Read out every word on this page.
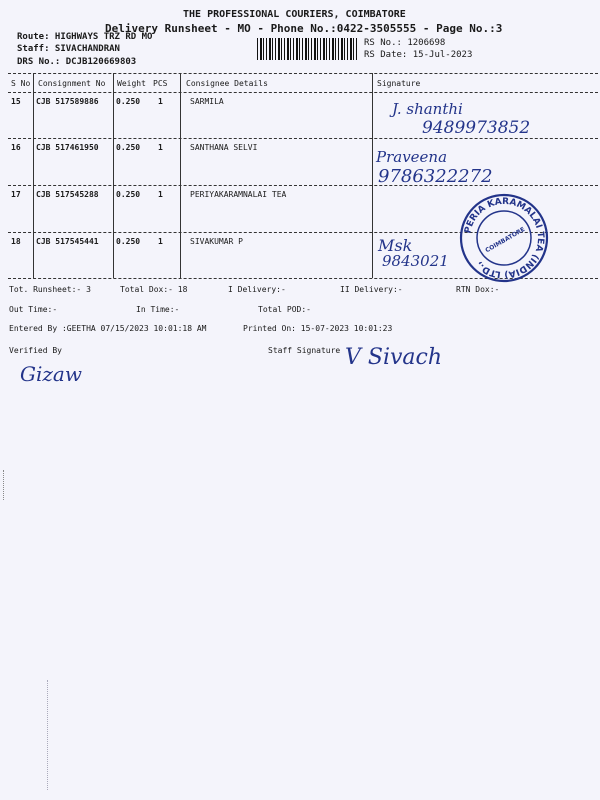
THE PROFESSIONAL COURIERS, COIMBATORE
Delivery Runsheet - MO - Phone No.:0422-3505555 - Page No.:3
Route: HIGHWAYS TRZ RD MO
Staff: SIVACHANDRAN
DRS No.: DCJB120669803
RS No.: 1206698
RS Date: 15-Jul-2023
S No Consignment No Weight PCS Consignee Details	Signature
15 CJB 517589886 0.250 1	SARMILA	J. shanthi
9489973852
16 CJB 517461950 0.250 1	SANTHANA SELVI
Praveena
9786322272
17 CJB 517545288 0.250 1	PERIYAKARAMNALAI TEA
18 CJB 517545441 0.250 1	SIVAKUMAR P	Msk
9843021
PERIA KARAMALAI TEA (INDIA) LTD.,
COIMBATORE
Tot. Runsheet:- 3	Total Dox:- 18	I Delivery:-	II Delivery:-	RTN Dox:-
Out Time:-	In Time:-	Total POD:-
Entered By :GEETHA 07/15/2023 10:01:18 AM	Printed On: 15-07-2023 10:01:23
Verified By	Staff Signature
Gizaw
V Sivach
